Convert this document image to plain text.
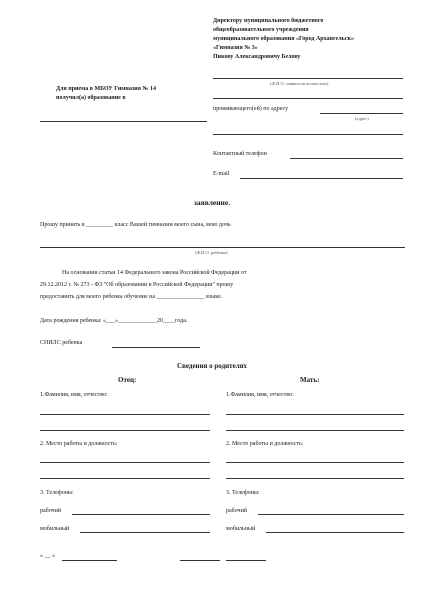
Директору муниципального бюджетного
общеобразовательного учреждения
муниципального образования «Город Архангельск»
«Гимназия № 3»
Пикову Александровичу Белову
(Ф.И.О. заявителя полностью)
проживающего(ей) по адресу
(адрес)
Контактный телефон
E-mail
Для приема в МБОУ Гимназия № 14
получил(а) образование в
заявление.
Прошу принять в _________ класс Вашей гимназии моего сына, мою дочь
(Ф.И.О. ребенка)
На основании статьи 14 Федерального закона Российской Федерации от
29.12.2012 г. № 273 - ФЗ "Об образовании в Российской Федерации" прошу
предоставить для моего ребенка обучение на ________________ языке.
Дата рождения ребенка: «___»_____________20____года.
СНИЛС ребенка
Сведения о родителях
Отец:
1.Фамилия, имя, отчество:
2. Место работы и должность:
3. Телефоны:
рабочий
мобильный
Мать:
1.Фамилия, имя, отчество:
2. Место работы и должность:
3. Телефоны:
рабочий
мобильный
« __ »
